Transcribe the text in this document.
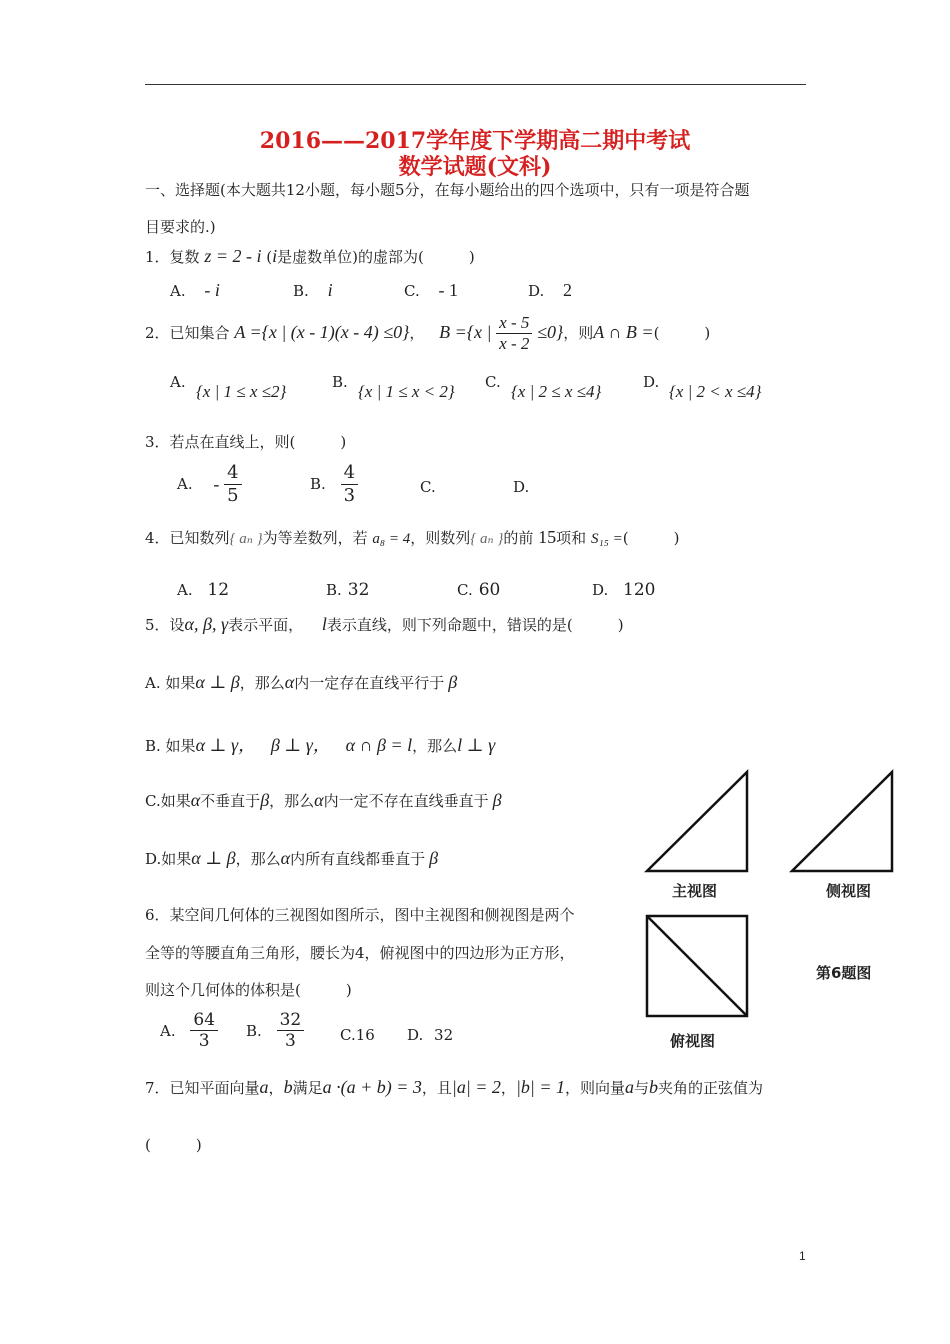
2016——2017学年度下学期高二期中考试
数学试题(文科)
一、选择题(本大题共12小题，每小题5分，在每小题给出的四个选项中，只有一项是符合题
目要求的.)
1．复数 z = 2 - i (i是虚数单位)的虚部为(　　　)
A. - i	B. i	C. - 1	D. 2
2．已知集合 A ={x | (x - 1)(x - 4) ≤0}， B ={x | $\frac{x - 5}{x - 2} \le 0$}，则A ∩ B =(　　　)
A. {x | 1 ≤ x ≤2}	B. {x | 1 ≤ x < 2} C. {x | 2 ≤ x ≤4}	D. {x | 2 < x ≤4}
3．若点在直线上，则(　　　)
A. - $\frac{4}{5}$	B. $\frac{4}{3}$	C.	D.
4．已知数列{ aₙ }为等差数列，若 a₈ = 4，则数列{ aₙ }的前 15项和 S₁₅ =(　　　)
A. 12	B. 32	C. 60	D. 120
5．设α, β, γ表示平面， l表示直线，则下列命题中，错误的是(　　　)
A. 如果α ⊥ β，那么α内一定存在直线平行于 β
B. 如果α ⊥ γ， β ⊥ γ， α ∩ β = l，那么l ⊥ γ
C.如果α不垂直于β，那么α内一定不存在直线垂直于 β
D.如果α ⊥ β，那么α内所有直线都垂直于 β
主视图	侧视图
第6题图
俯视图
6．某空间几何体的三视图如图所示，图中主视图和侧视图是两个
全等的等腰直角三角形，腰长为4，俯视图中的四边形为正方形，
则这个几何体的体积是(　　　)
A. $\frac{64}{3} B$. $\frac{32}{3} C.16$ D. 32
7．已知平面向量a，b满足a ·(a + b) = 3，且|a| = 2，|b| = 1，则向量a与b夹角的正弦值为
(　　　)
1
